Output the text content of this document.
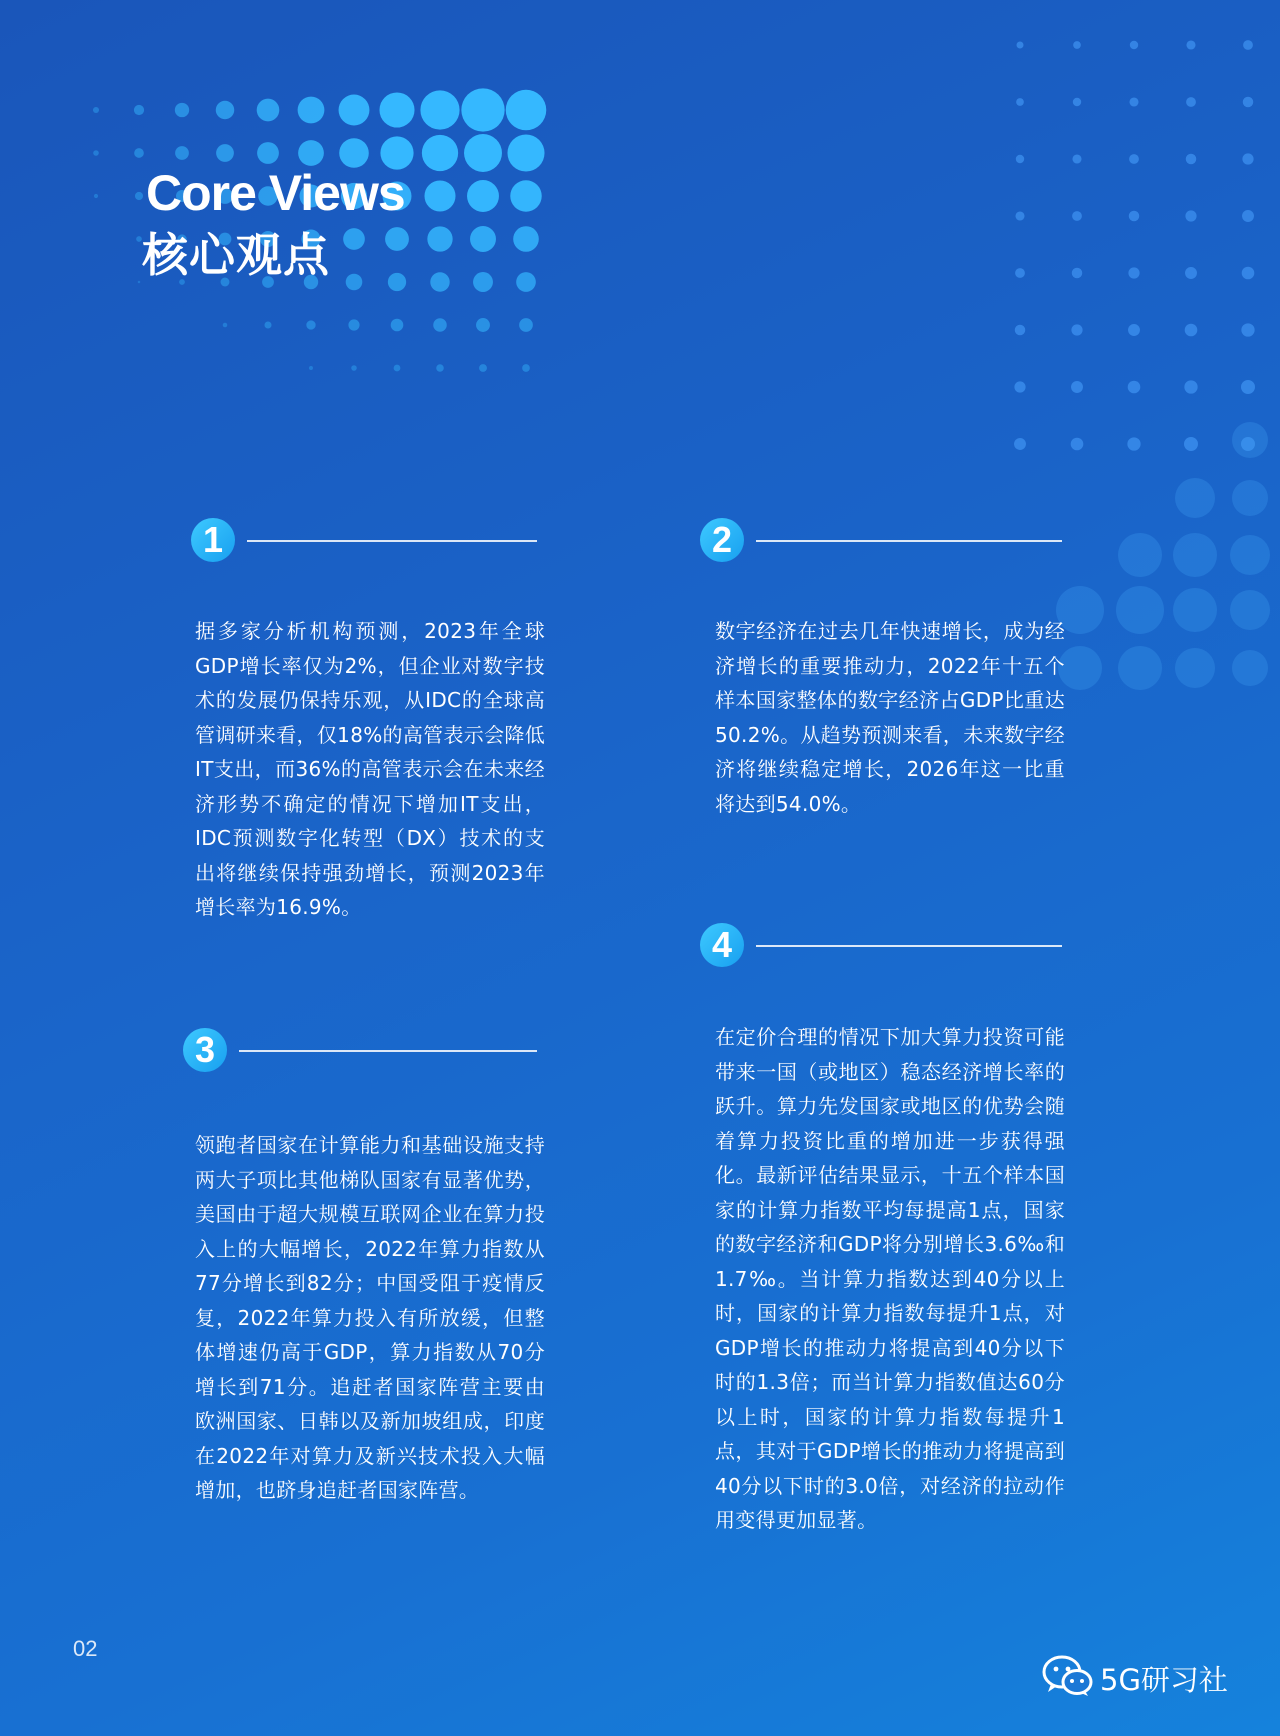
Core Views
核心观点
1
据多家分析机构预测，2023年全球GDP增长率仅为2%，但企业对数字技术的发展仍保持乐观，从IDC的全球高管调研来看，仅18%的高管表示会降低IT支出，而36%的高管表示会在未来经济形势不确定的情况下增加IT支出，IDC预测数字化转型（DX）技术的支出将继续保持强劲增长，预测2023年增长率为16.9%。
2
数字经济在过去几年快速增长，成为经济增长的重要推动力，2022年十五个样本国家整体的数字经济占GDP比重达50.2%。从趋势预测来看，未来数字经济将继续稳定增长，2026年这一比重将达到54.0%。
3
领跑者国家在计算能力和基础设施支持两大子项比其他梯队国家有显著优势，美国由于超大规模互联网企业在算力投入上的大幅增长，2022年算力指数从77分增长到82分；中国受阻于疫情反复，2022年算力投入有所放缓，但整体增速仍高于GDP，算力指数从70分增长到71分。追赶者国家阵营主要由欧洲国家、日韩以及新加坡组成，印度在2022年对算力及新兴技术投入大幅增加，也跻身追赶者国家阵营。
4
在定价合理的情况下加大算力投资可能带来一国（或地区）稳态经济增长率的跃升。算力先发国家或地区的优势会随着算力投资比重的增加进一步获得强化。最新评估结果显示，十五个样本国家的计算力指数平均每提高1点，国家的数字经济和GDP将分别增长3.6‰和1.7‰。当计算力指数达到40分以上时，国家的计算力指数每提升1点，对GDP增长的推动力将提高到40分以下时的1.3倍；而当计算力指数值达60分以上时，国家的计算力指数每提升1点，其对于GDP增长的推动力将提高到40分以下时的3.0倍，对经济的拉动作用变得更加显著。
02
5G研习社
